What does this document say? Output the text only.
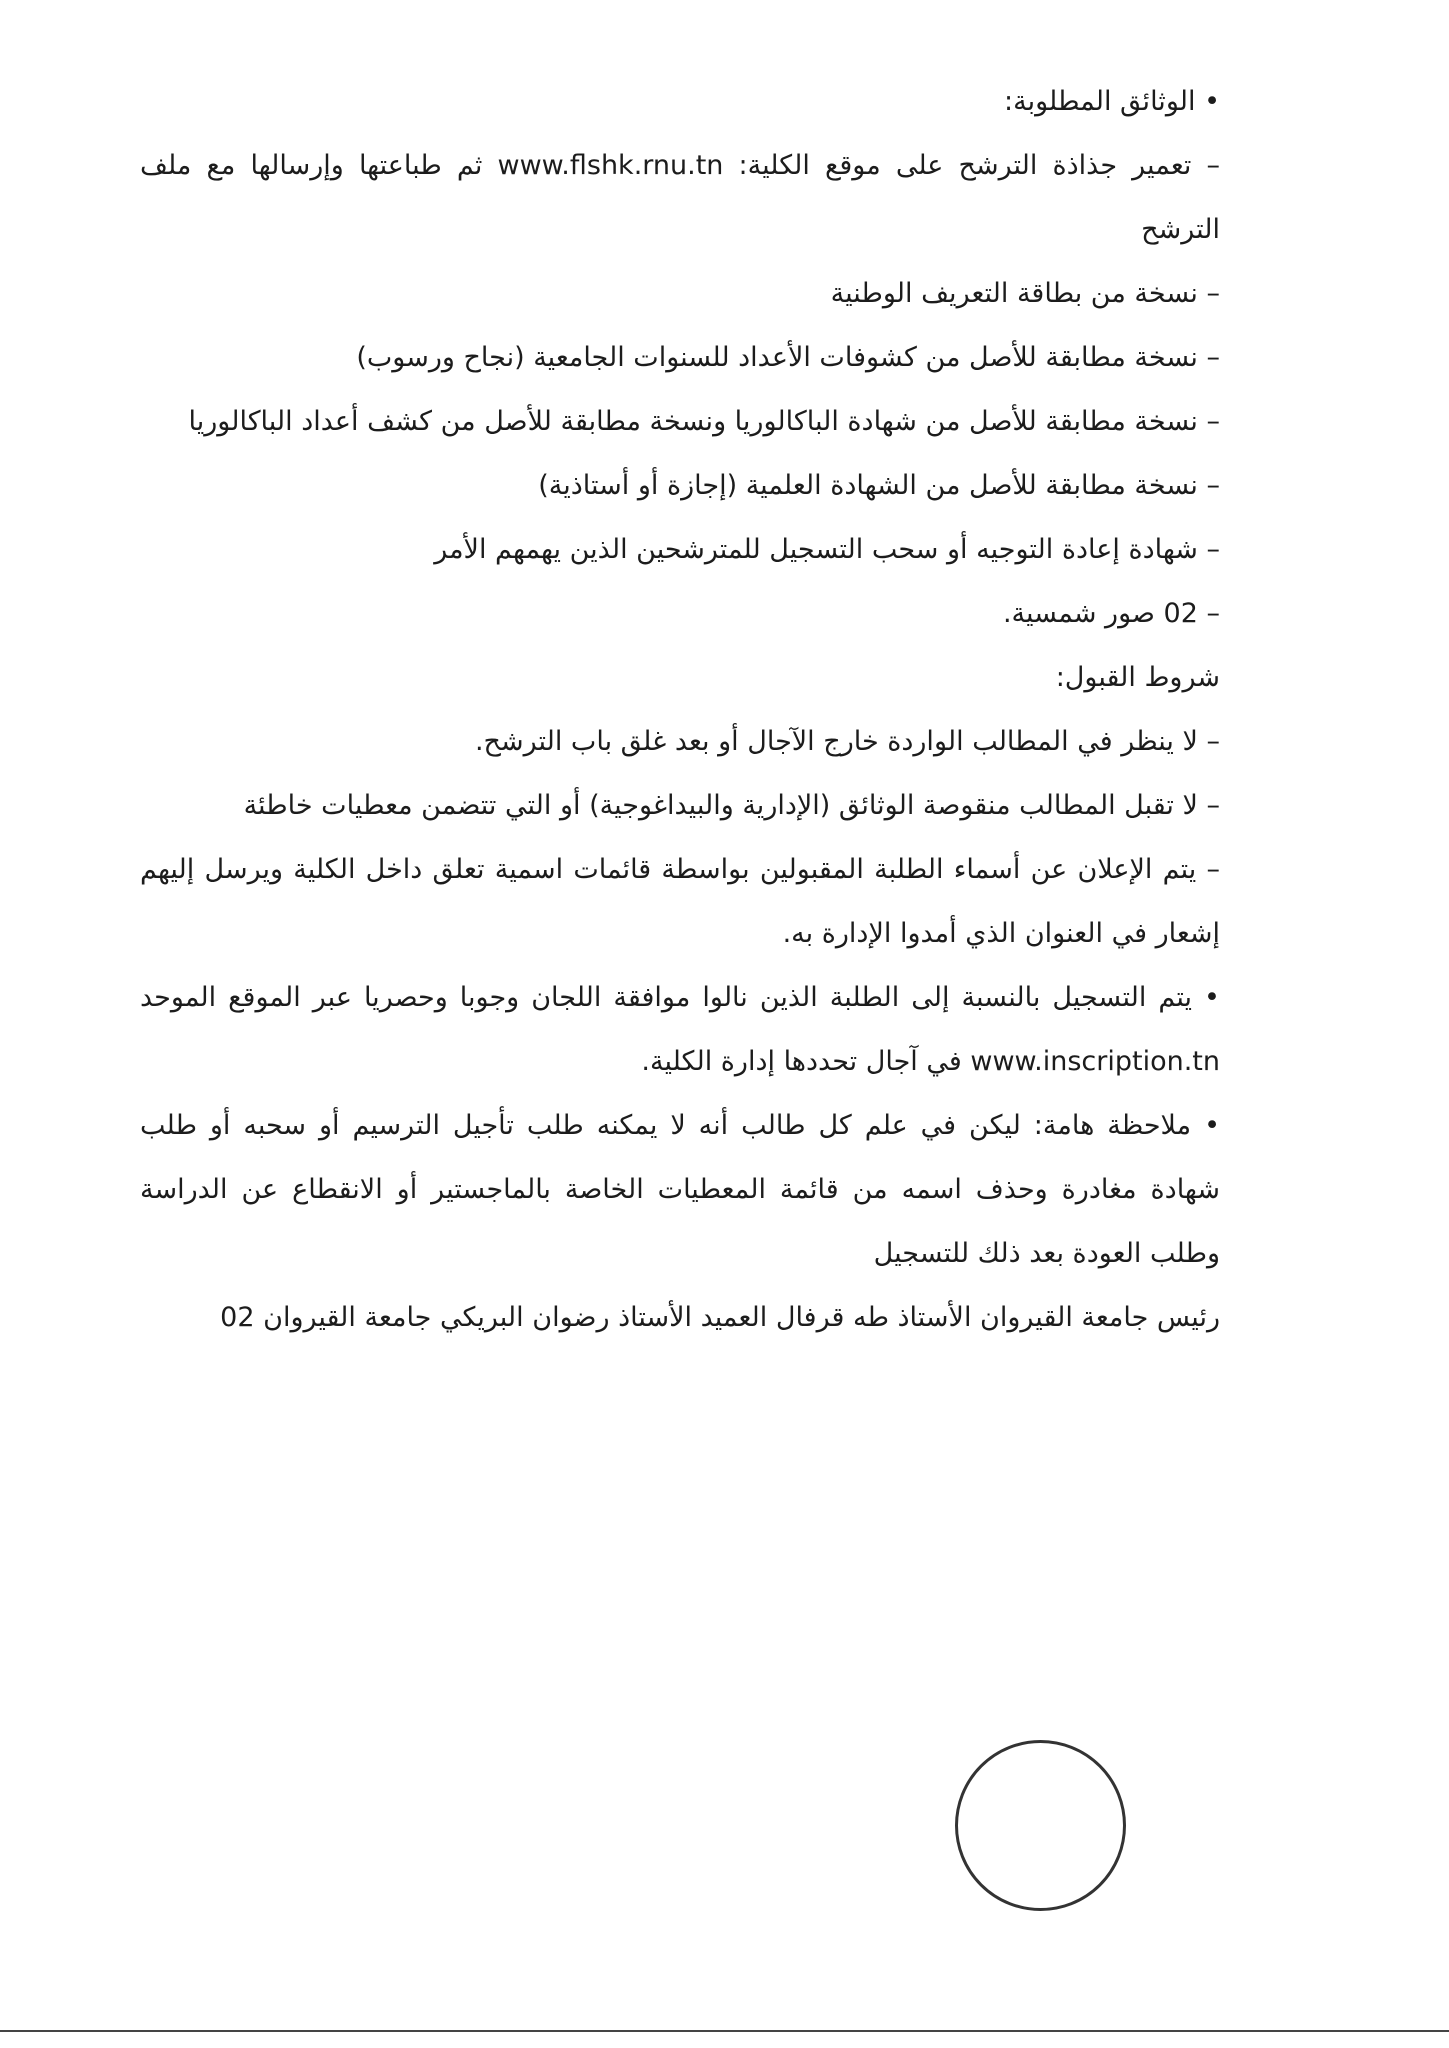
• الوثائق المطلوبة:
– تعمير جذاذة الترشح على موقع الكلية: www.flshk.rnu.tn ثم طباعتها وإرسالها مع ملف الترشح
– نسخة من بطاقة التعريف الوطنية
– نسخة مطابقة للأصل من كشوفات الأعداد للسنوات الجامعية (نجاح ورسوب)
– نسخة مطابقة للأصل من شهادة الباكالوريا ونسخة مطابقة للأصل من كشف أعداد الباكالوريا
– نسخة مطابقة للأصل من الشهادة العلمية (إجازة أو أستاذية)
– شهادة إعادة التوجيه أو سحب التسجيل للمترشحين الذين يهمهم الأمر
– 02 صور شمسية.
شروط القبول:
– لا ينظر في المطالب الواردة خارج الآجال أو بعد غلق باب الترشح.
– لا تقبل المطالب منقوصة الوثائق (الإدارية والبيداغوجية) أو التي تتضمن معطيات خاطئة
– يتم الإعلان عن أسماء الطلبة المقبولين بواسطة قائمات اسمية تعلق داخل الكلية ويرسل إليهم إشعار في العنوان الذي أمدوا الإدارة به.
• يتم التسجيل بالنسبة إلى الطلبة الذين نالوا موافقة اللجان وجوبا وحصريا عبر الموقع الموحد www.inscription.tn في آجال تحددها إدارة الكلية.
• ملاحظة هامة: ليكن في علم كل طالب أنه لا يمكنه طلب تأجيل الترسيم أو سحبه أو طلب شهادة مغادرة وحذف اسمه من قائمة المعطيات الخاصة بالماجستير أو الانقطاع عن الدراسة وطلب العودة بعد ذلك للتسجيل
رئيس جامعة القيروان الأستاذ طه قرفال العميد الأستاذ رضوان البريكي جامعة القيروان 02
